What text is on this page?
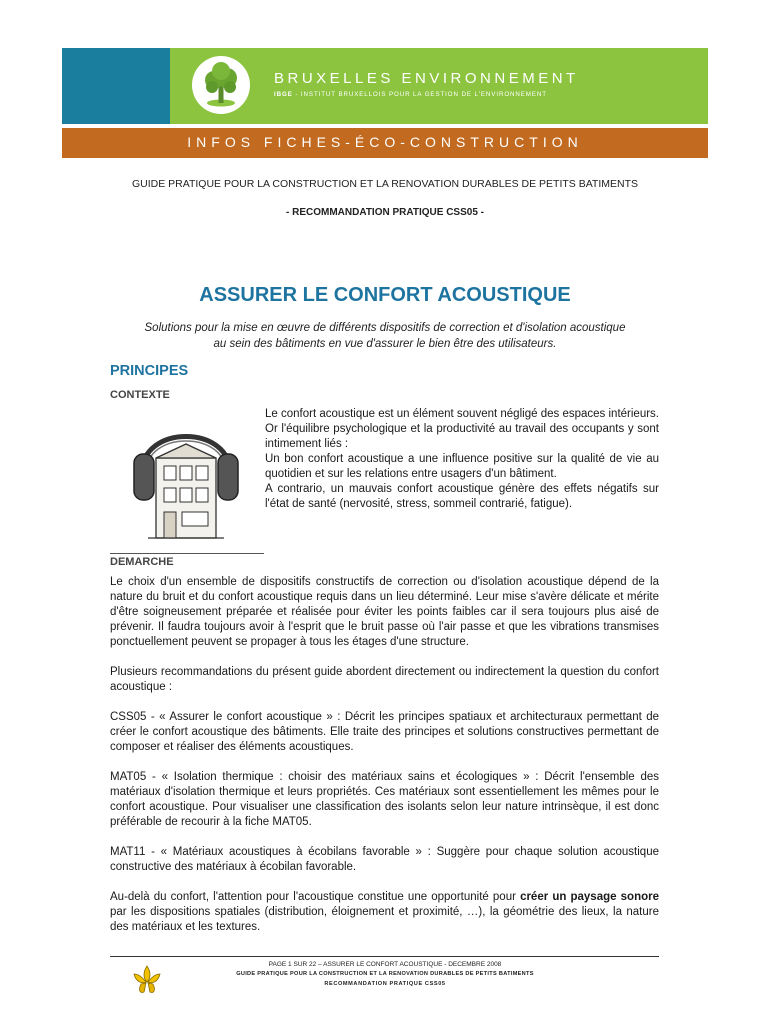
BRUXELLES ENVIRONNEMENT
IBGE - INSTITUT BRUXELLOIS POUR LA GESTION DE L'ENVIRONNEMENT
INFOS FICHES-ÉCO-CONSTRUCTION
GUIDE PRATIQUE POUR LA CONSTRUCTION ET LA RENOVATION DURABLES DE PETITS BATIMENTS
- RECOMMANDATION PRATIQUE CSS05 -
ASSURER LE CONFORT ACOUSTIQUE
Solutions pour la mise en œuvre de différents dispositifs de correction et d'isolation acoustique
au sein des bâtiments en vue d'assurer le bien être des utilisateurs.
PRINCIPES
CONTEXTE

Le confort acoustique est un élément souvent négligé des espaces intérieurs. Or l'équilibre psychologique et la productivité au travail des occupants y sont intimement liés :

Un bon confort acoustique a une influence positive sur la qualité de vie au quotidien et sur les relations entre usagers d'un bâtiment.

A contrario, un mauvais confort acoustique génère des effets négatifs sur l'état de santé (nervosité, stress, sommeil contrarié, fatigue).

DEMARCHE

Le choix d'un ensemble de dispositifs constructifs de correction ou d'isolation acoustique dépend de la nature du bruit et du confort acoustique requis dans un lieu déterminé. Leur mise s'avère délicate et mérite d'être soigneusement préparée et réalisée pour éviter les points faibles car il sera toujours plus aisé de prévenir. Il faudra toujours avoir à l'esprit que le bruit passe où l'air passe et que les vibrations transmises ponctuellement peuvent se propager à tous les étages d'une structure.

Plusieurs recommandations du présent guide abordent directement ou indirectement la question du confort acoustique :

CSS05 - « Assurer le confort acoustique » : Décrit les principes spatiaux et architecturaux permettant de créer le confort acoustique des bâtiments. Elle traite des principes et solutions constructives permettant de composer et réaliser des éléments acoustiques.

MAT05 - « Isolation thermique : choisir des matériaux sains et écologiques » : Décrit l'ensemble des matériaux d'isolation thermique et leurs propriétés. Ces matériaux sont essentiellement les mêmes pour le confort acoustique. Pour visualiser une classification des isolants selon leur nature intrinsèque, il est donc préférable de recourir à la fiche MAT05.

MAT11 - « Matériaux acoustiques à écobilans favorable » : Suggère pour chaque solution acoustique constructive des matériaux à écobilan favorable.

Au-delà du confort, l'attention pour l'acoustique constitue une opportunité pour créer un paysage sonore par les dispositions spatiales (distribution, éloignement et proximité, …), la géométrie des lieux, la nature des matériaux et les textures.

PAGE 1 SUR 22 – ASSURER LE CONFORT ACOUSTIQUE - DECEMBRE 2008
GUIDE PRATIQUE POUR LA CONSTRUCTION ET LA RENOVATION DURABLES DE PETITS BATIMENTS
RECOMMANDATION PRATIQUE CSS05
